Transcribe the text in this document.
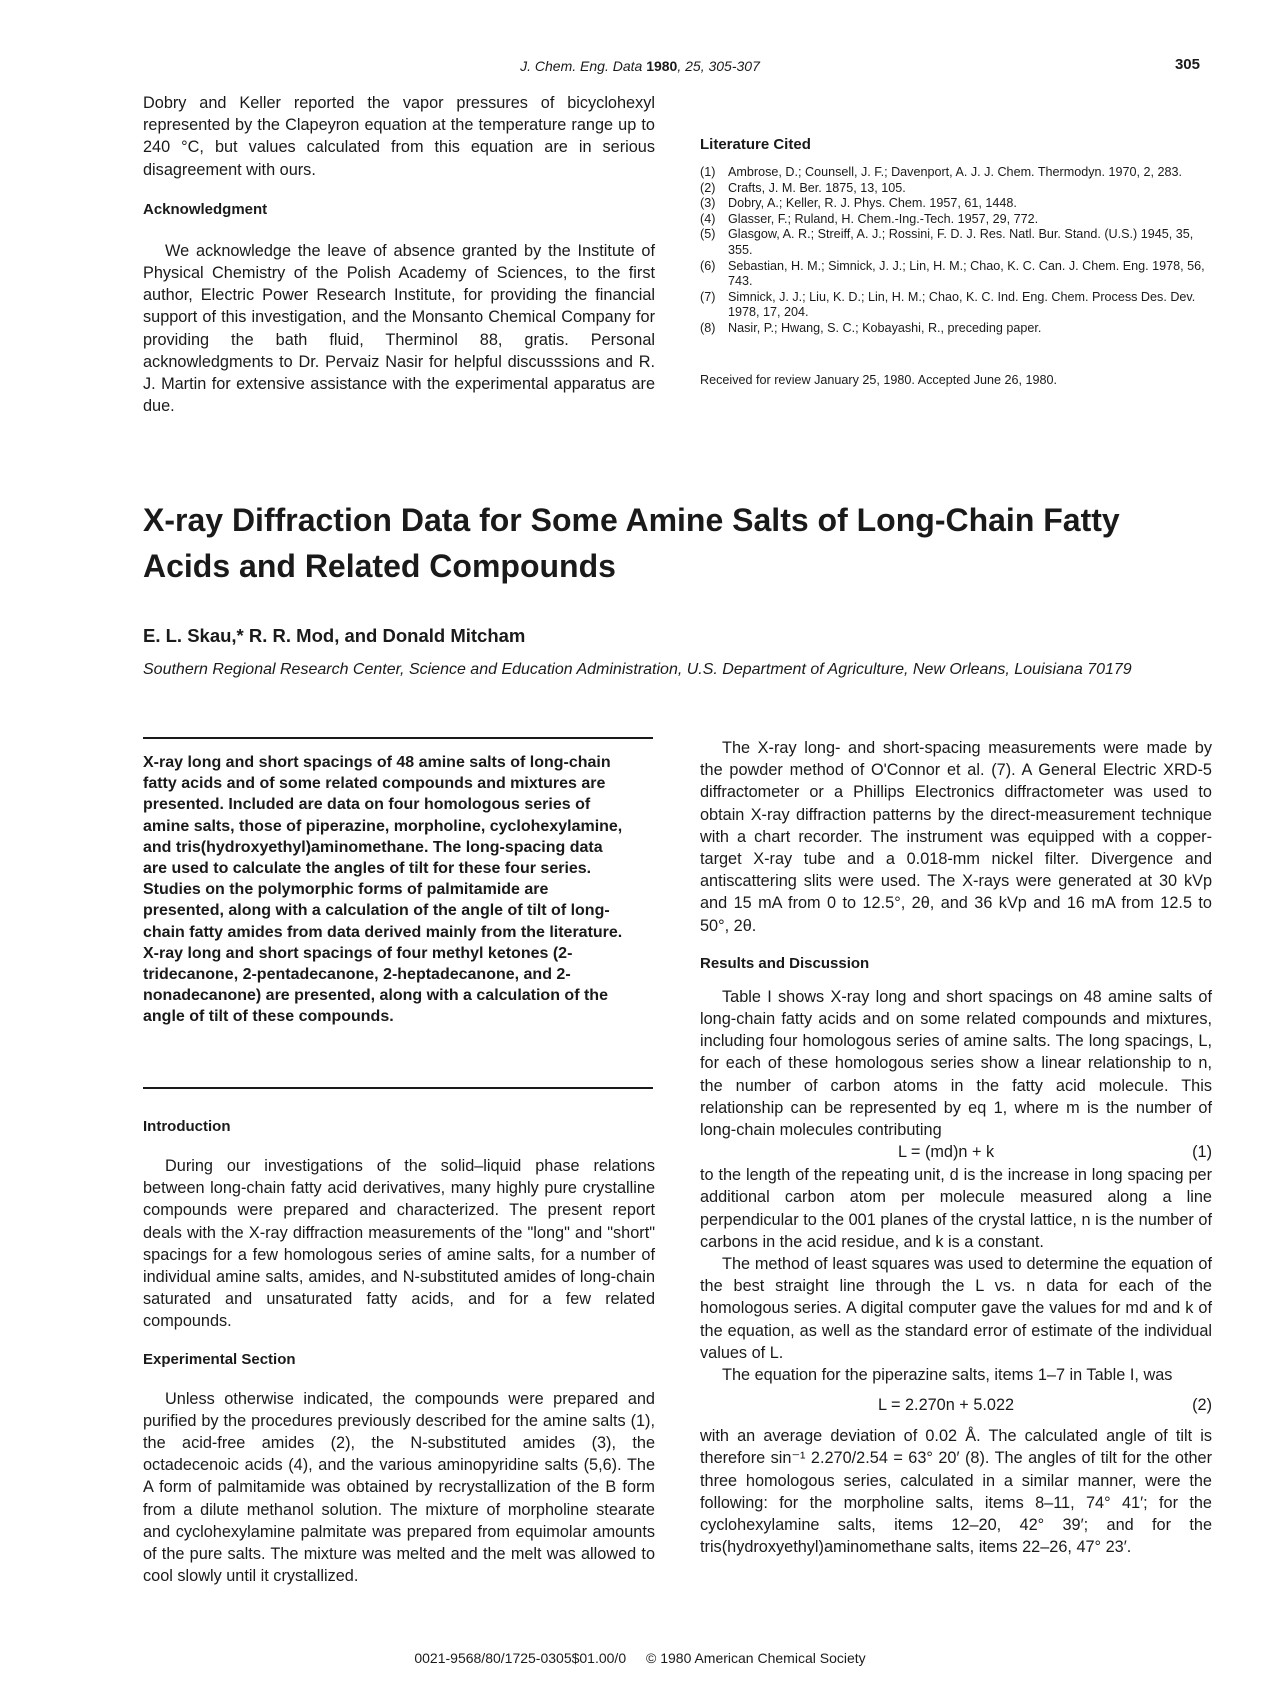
J. Chem. Eng. Data 1980, 25, 305-307	305

Dobry and Keller reported the vapor pressures of bicyclohexyl represented by the Clapeyron equation at the temperature range up to 240 °C, but values calculated from this equation are in serious disagreement with ours.

Acknowledgment

We acknowledge the leave of absence granted by the Institute of Physical Chemistry of the Polish Academy of Sciences, to the first author, Electric Power Research Institute, for providing the financial support of this investigation, and the Monsanto Chemical Company for providing the bath fluid, Therminol 88, gratis. Personal acknowledgments to Dr. Pervaiz Nasir for helpful discusssions and R. J. Martin for extensive assistance with the experimental apparatus are due.

Literature Cited
(1) Ambrose, D.; Counsell, J. F.; Davenport, A. J. J. Chem. Thermodyn. 1970, 2, 283.
(2) Crafts, J. M. Ber. 1875, 13, 105.
(3) Dobry, A.; Keller, R. J. Phys. Chem. 1957, 61, 1448.
(4) Glasser, F.; Ruland, H. Chem.-Ing.-Tech. 1957, 29, 772.
(5) Glasgow, A. R.; Streiff, A. J.; Rossini, F. D. J. Res. Natl. Bur. Stand. (U.S.) 1945, 35, 355.
(6) Sebastian, H. M.; Simnick, J. J.; Lin, H. M.; Chao, K. C. Can. J. Chem. Eng. 1978, 56, 743.
(7) Simnick, J. J.; Liu, K. D.; Lin, H. M.; Chao, K. C. Ind. Eng. Chem. Process Des. Dev. 1978, 17, 204.
(8) Nasir, P.; Hwang, S. C.; Kobayashi, R., preceding paper.
Received for review January 25, 1980. Accepted June 26, 1980.
X-ray Diffraction Data for Some Amine Salts of Long-Chain Fatty Acids and Related Compounds
E. L. Skau,* R. R. Mod, and Donald Mitcham
Southern Regional Research Center, Science and Education Administration, U.S. Department of Agriculture, New Orleans, Louisiana 70179
X-ray long and short spacings of 48 amine salts of long-chain fatty acids and of some related compounds and mixtures are presented. Included are data on four homologous series of amine salts, those of piperazine, morpholine, cyclohexylamine, and tris(hydroxyethyl)aminomethane. The long-spacing data are used to calculate the angles of tilt for these four series. Studies on the polymorphic forms of palmitamide are presented, along with a calculation of the angle of tilt of long-chain fatty amides from data derived mainly from the literature. X-ray long and short spacings of four methyl ketones (2-tridecanone, 2-pentadecanone, 2-heptadecanone, and 2-nonadecanone) are presented, along with a calculation of the angle of tilt of these compounds.
Introduction

During our investigations of the solid–liquid phase relations between long-chain fatty acid derivatives, many highly pure crystalline compounds were prepared and characterized. The present report deals with the X-ray diffraction measurements of the "long" and "short" spacings for a few homologous series of amine salts, for a number of individual amine salts, amides, and N-substituted amides of long-chain saturated and unsaturated fatty acids, and for a few related compounds.

Experimental Section

Unless otherwise indicated, the compounds were prepared and purified by the procedures previously described for the amine salts (1), the acid-free amides (2), the N-substituted amides (3), the octadecenoic acids (4), and the various aminopyridine salts (5,6). The A form of palmitamide was obtained by recrystallization of the B form from a dilute methanol solution. The mixture of morpholine stearate and cyclohexylamine palmitate was prepared from equimolar amounts of the pure salts. The mixture was melted and the melt was allowed to cool slowly until it crystallized.

The X-ray long- and short-spacing measurements were made by the powder method of O'Connor et al. (7). A General Electric XRD-5 diffractometer or a Phillips Electronics diffractometer was used to obtain X-ray diffraction patterns by the direct-measurement technique with a chart recorder. The instrument was equipped with a copper-target X-ray tube and a 0.018-mm nickel filter. Divergence and antiscattering slits were used. The X-rays were generated at 30 kVp and 15 mA from 0 to 12.5°, 2θ, and 36 kVp and 16 mA from 12.5 to 50°, 2θ.

Results and Discussion

Table I shows X-ray long and short spacings on 48 amine salts of long-chain fatty acids and on some related compounds and mixtures, including four homologous series of amine salts. The long spacings, L, for each of these homologous series show a linear relationship to n, the number of carbon atoms in the fatty acid molecule. This relationship can be represented by eq 1, where m is the number of long-chain molecules contributing

L = (md)n + k	(1)

to the length of the repeating unit, d is the increase in long spacing per additional carbon atom per molecule measured along a line perpendicular to the 001 planes of the crystal lattice, n is the number of carbons in the acid residue, and k is a constant.

The method of least squares was used to determine the equation of the best straight line through the L vs. n data for each of the homologous series. A digital computer gave the values for md and k of the equation, as well as the standard error of estimate of the individual values of L.

The equation for the piperazine salts, items 1–7 in Table I, was

L = 2.270n + 5.022	(2)

with an average deviation of 0.02 Å. The calculated angle of tilt is therefore sin⁻¹ 2.270/2.54 = 63° 20′ (8). The angles of tilt for the other three homologous series, calculated in a similar manner, were the following: for the morpholine salts, items 8–11, 74° 41′; for the cyclohexylamine salts, items 12–20, 42° 39′; and for the tris(hydroxyethyl)aminomethane salts, items 22–26, 47° 23′.

0021-9568/80/1725-0305$01.00/0 © 1980 American Chemical Society
